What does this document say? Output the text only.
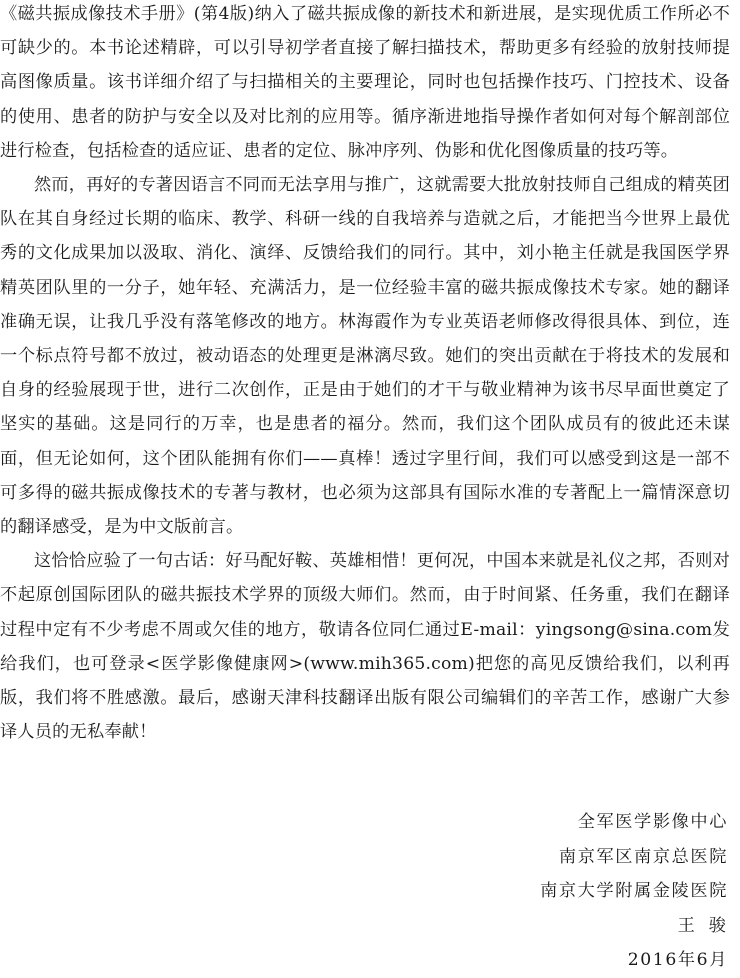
《磁共振成像技术手册》(第4版)纳入了磁共振成像的新技术和新进展，是实现优质工作所必不可缺少的。本书论述精辟，可以引导初学者直接了解扫描技术，帮助更多有经验的放射技师提高图像质量。该书详细介绍了与扫描相关的主要理论，同时也包括操作技巧、门控技术、设备的使用、患者的防护与安全以及对比剂的应用等。循序渐进地指导操作者如何对每个解剖部位进行检查，包括检查的适应证、患者的定位、脉冲序列、伪影和优化图像质量的技巧等。

然而，再好的专著因语言不同而无法享用与推广，这就需要大批放射技师自己组成的精英团队在其自身经过长期的临床、教学、科研一线的自我培养与造就之后，才能把当今世界上最优秀的文化成果加以汲取、消化、演绎、反馈给我们的同行。其中，刘小艳主任就是我国医学界精英团队里的一分子，她年轻、充满活力，是一位经验丰富的磁共振成像技术专家。她的翻译准确无误，让我几乎没有落笔修改的地方。林海霞作为专业英语老师修改得很具体、到位，连一个标点符号都不放过，被动语态的处理更是淋漓尽致。她们的突出贡献在于将技术的发展和自身的经验展现于世，进行二次创作，正是由于她们的才干与敬业精神为该书尽早面世奠定了坚实的基础。这是同行的万幸，也是患者的福分。然而，我们这个团队成员有的彼此还未谋面，但无论如何，这个团队能拥有你们——真棒！透过字里行间，我们可以感受到这是一部不可多得的磁共振成像技术的专著与教材，也必须为这部具有国际水准的专著配上一篇情深意切的翻译感受，是为中文版前言。

这恰恰应验了一句古话：好马配好鞍、英雄相惜！更何况，中国本来就是礼仪之邦，否则对不起原创国际团队的磁共振技术学界的顶级大师们。然而，由于时间紧、任务重，我们在翻译过程中定有不少考虑不周或欠佳的地方，敬请各位同仁通过E-mail：yingsong@sina.com发给我们，也可登录<医学影像健康网>(www.mih365.com)把您的高见反馈给我们，以利再版，我们将不胜感激。最后，感谢天津科技翻译出版有限公司编辑们的辛苦工作，感谢广大参译人员的无私奉献！

全军医学影像中心
南京军区南京总医院
南京大学附属金陵医院
王骏
2016年6月
